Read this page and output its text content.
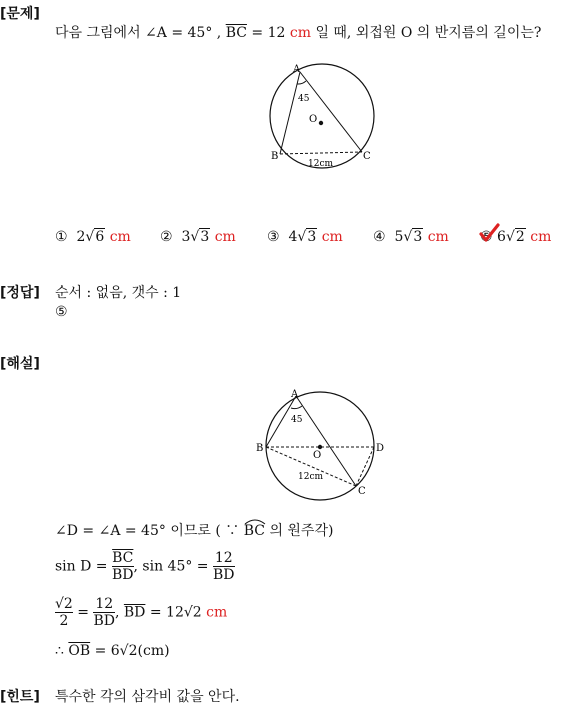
[문제]
다음 그림에서 ∠A = 45° , $\overline{BC} = 12$ cm 일 때, 외접원 O 의 반지름의 길이는?
A
B	C
O
45
12cm
① 2√6 cm ② 3√3 cm ③ 4√3 cm ④ 5√3 cm ⑤ 6√2 cm
[정답] 순서 : 없음, 갯수 : 1
⑤
[해설]
A
B
C
D
O
45
12cm
∠D = ∠A = 45° 이므로 ( ∵ BC 의 원주각)
$\sin D = \frac{\overline{BC}}{BD}$ , $\sin 45^\circ = \frac{12}{BD}$
$\frac{√2}{2} = \frac{12}{BD}$ , $\overline{BD} = 12√2$ cm
∴ $\overline{OB} = 6√2(cm)$
[힌트] 특수한 각의 삼각비 값을 안다.
